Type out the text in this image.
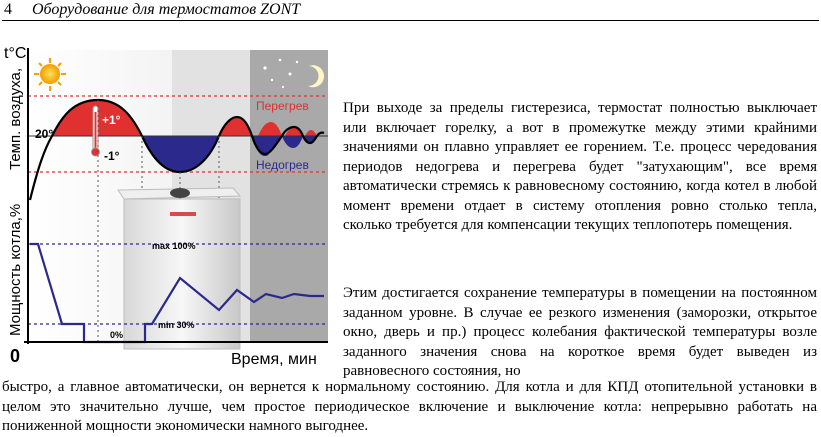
4 Оборудование для термостатов ZONT
t°C
Темп. воздуха,
Мощность котла,%
0	Время, мин
20°
+1°
-1°
Перегрев
Недогрев
max 100%
min 30%
0%

При выходе за пределы гистерезиса, термостат полностью выключает или включает горелку, а вот в промежутке между этими крайними значениями он плавно управляет ее горением. Т.е. процесс чередования периодов недогрева и перегрева будет "затухающим", все время автоматически стремясь к равновесному состоянию, когда котел в любой момент времени отдает в систему отопления ровно столько тепла, сколько требуется для компенсации текущих теплопотерь помещения.

Этим достигается сохранение температуры в помещении на постоянном заданном уровне. В случае ее резкого изменения (заморозки, открытое окно, дверь и пр.) процесс колебания фактической температуры возле заданного значения снова на короткое время будет выведен из равновесного состояния, но

быстро, а главное автоматически, он вернется к нормальному состоянию. Для котла и для КПД отопительной установки в целом это значительно лучше, чем простое периодическое включение и выключение котла: непрерывно работать на пониженной мощности экономически намного выгоднее.
